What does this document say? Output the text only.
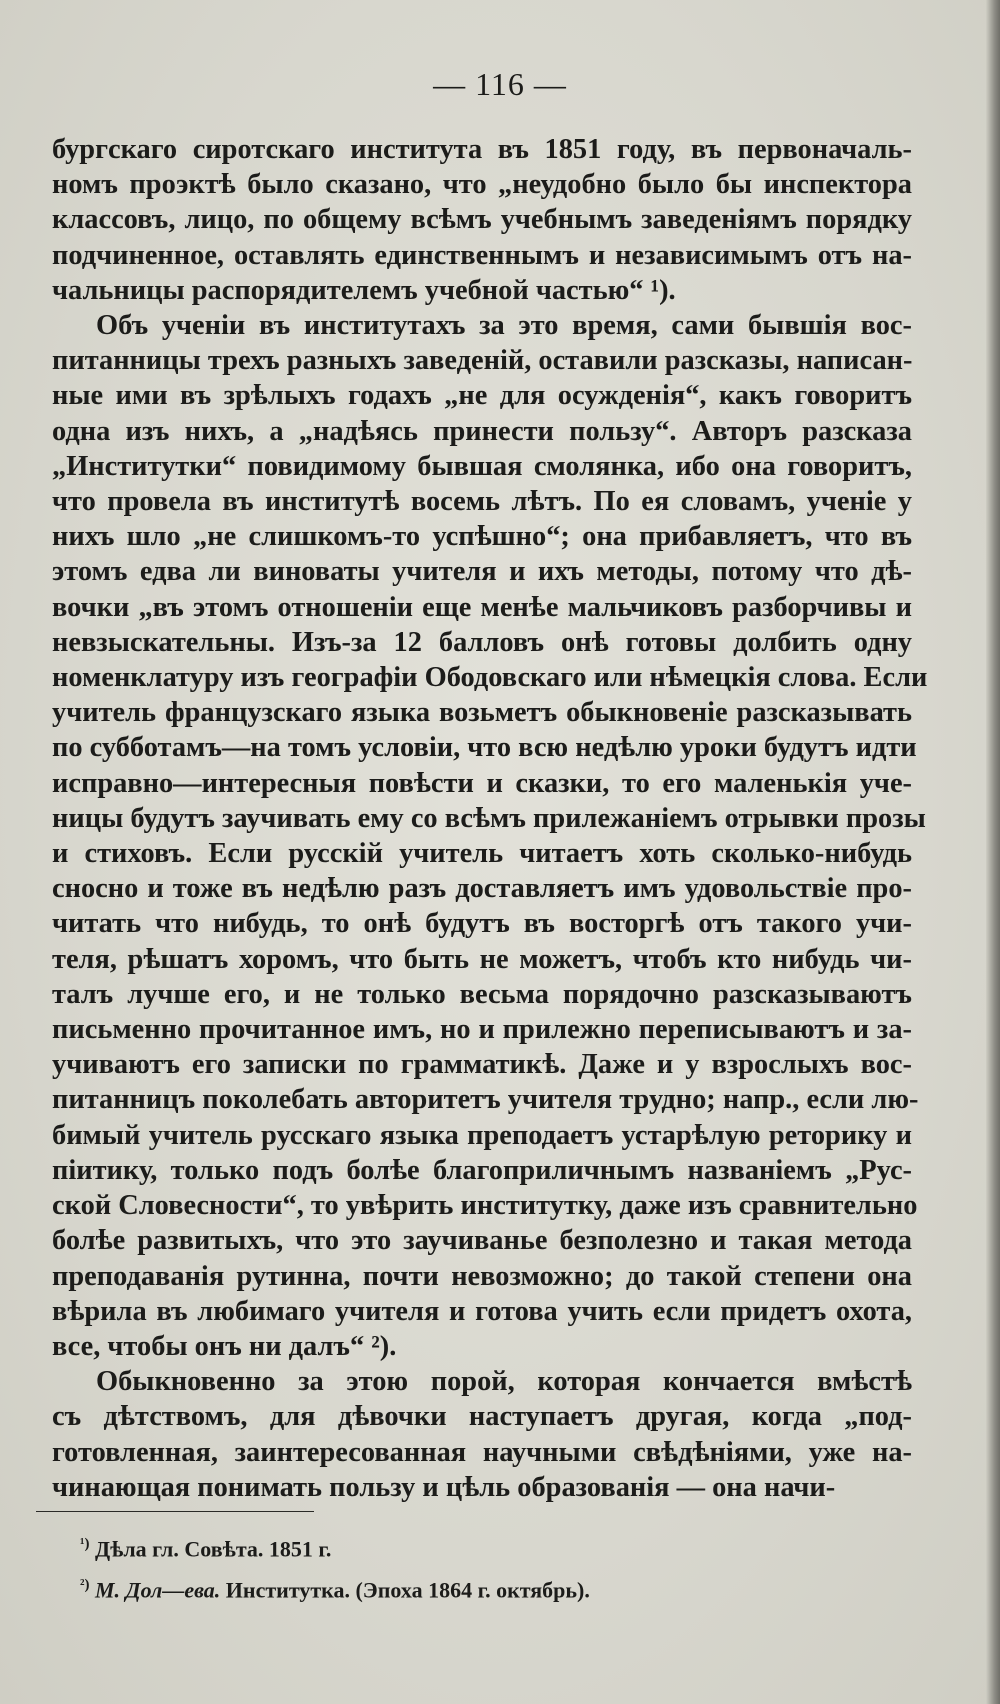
— 116 —
бургскаго сиротскаго института въ 1851 году, въ первоначаль-
номъ проэктѣ было сказано, что „неудобно было бы инспектора
классовъ, лицо, по общему всѣмъ учебнымъ заведеніямъ порядку
подчиненное, оставлять единственнымъ и независимымъ отъ на-
чальницы распорядителемъ учебной частью“ ¹).
Объ ученіи въ институтахъ за это время, сами бывшія вос-
питанницы трехъ разныхъ заведеній, оставили разсказы, написан-
ные ими въ зрѣлыхъ годахъ „не для осужденія“, какъ говоритъ
одна изъ нихъ, а „надѣясь принести пользу“. Авторъ разсказа
„Институтки“ повидимому бывшая смолянка, ибо она говоритъ,
что провела въ институтѣ восемь лѣтъ. По ея словамъ, ученіе у
нихъ шло „не слишкомъ-то успѣшно“; она прибавляетъ, что въ
этомъ едва ли виноваты учителя и ихъ методы, потому что дѣ-
вочки „въ этомъ отношеніи еще менѣе мальчиковъ разборчивы и
невзыскательны. Изъ-за 12 балловъ онѣ готовы долбить одну
номенклатуру изъ географіи Ободовскаго или нѣмецкія слова. Если
учитель французскаго языка возьметъ обыкновеніе разсказывать
по субботамъ—на томъ условіи, что всю недѣлю уроки будутъ идти
исправно—интересныя повѣсти и сказки, то его маленькія уче-
ницы будутъ заучивать ему со всѣмъ прилежаніемъ отрывки прозы
и стиховъ. Если русскій учитель читаетъ хоть сколько-нибудь
сносно и тоже въ недѣлю разъ доставляетъ имъ удовольствіе про-
читать что нибудь, то онѣ будутъ въ восторгѣ отъ такого учи-
теля, рѣшатъ хоромъ, что быть не можетъ, чтобъ кто нибудь чи-
талъ лучше его, и не только весьма порядочно разсказываютъ
письменно прочитанное имъ, но и прилежно переписываютъ и за-
учиваютъ его записки по грамматикѣ. Даже и у взрослыхъ вос-
питанницъ поколебать авторитетъ учителя трудно; напр., если лю-
бимый учитель русскаго языка преподаетъ устарѣлую реторику и
піитику, только подъ болѣе благоприличнымъ названіемъ „Рус-
ской Словесности“, то увѣрить институтку, даже изъ сравнительно
болѣе развитыхъ, что это заучиванье безполезно и такая метода
преподаванія рутинна, почти невозможно; до такой степени она
вѣрила въ любимаго учителя и готова учить если придетъ охота,
все, чтобы онъ ни далъ“ ²).
Обыкновенно за этою порой, которая кончается вмѣстѣ
съ дѣтствомъ, для дѣвочки наступаетъ другая, когда „под-
готовленная, заинтересованная научными свѣдѣніями, уже на-
чинающая понимать пользу и цѣль образованія — она начи-
$^{^1)}$ Дѣла гл. Совѣта. 1851 г.
$^{^2)}$ М. Дол—ева. Институтка. (Эпоха 1864 г. октябрь).
